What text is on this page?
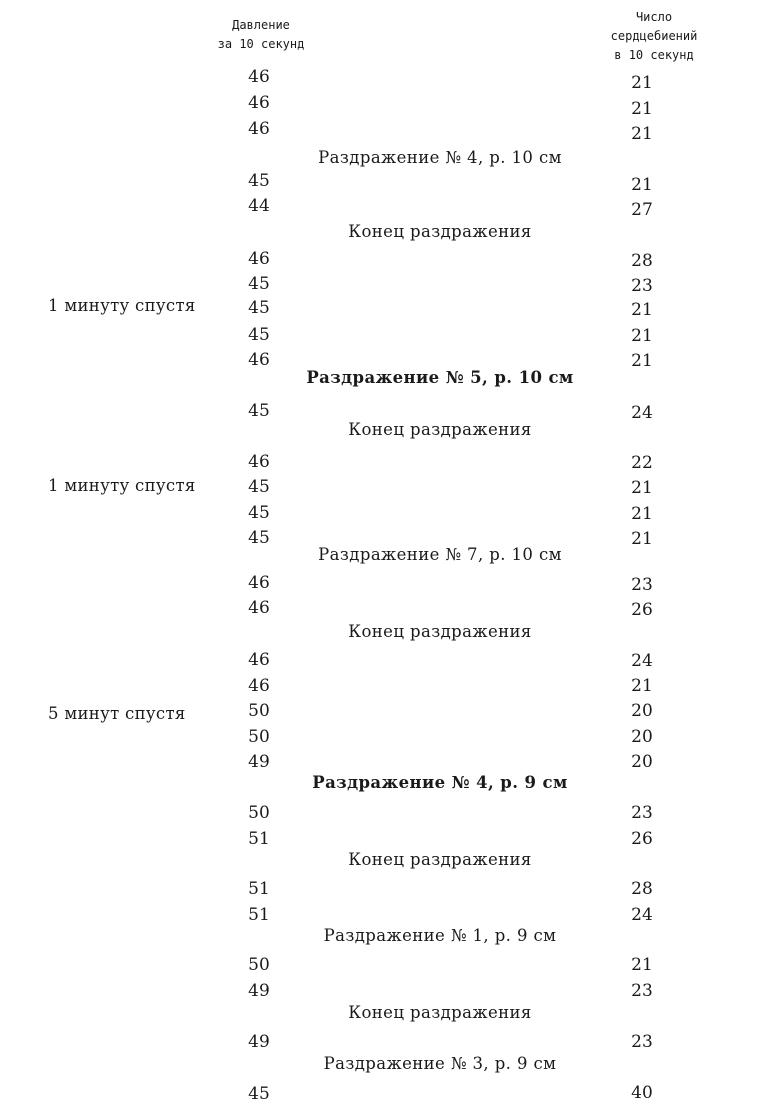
Давление
за 10 секунд
Число
сердцебиений
в 10 секунд
1 минуту спустя
1 минуту спустя
5 минут спустя
Раздражение № 4, р. 10 см
Конец раздражения
Раздражение № 5, р. 10 см
Конец раздражения
Раздражение № 7, р. 10 см
Конец раздражения
Раздражение № 4, р. 9 см
Конец раздражения
Раздражение № 1, р. 9 см
Конец раздражения
Раздражение № 3, р. 9 см
46
46
46
45
44
46
45
45
45
46
45
46
45
45
45
46
46
46
46
50
50
49
50
51
51
51
50
49
49
45
21
21
21
21
27
28
23
21
21
21
24
22
21
21
21
23
26
24
21
20
20
20
23
26
28
24
21
23
23
40
